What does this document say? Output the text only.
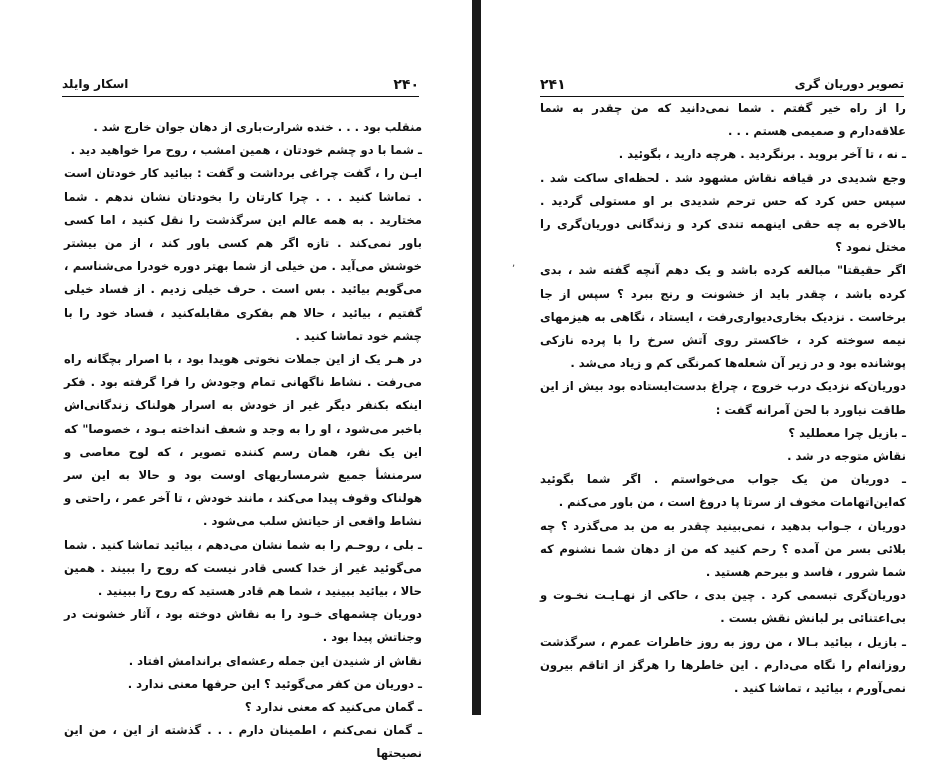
۲۴۰
اسکار وایلد

منقلب بود . . . خنده شرارت‌باری از دهان جوان خارج شد .

ـ شما با دو چشم خودتان ، همین امشب ، روح مرا خواهید دید .

ایـن را ، گفت چراغی برداشت و گفت : بیائید کار خودتان است . تماشا کنید . . . چرا کارتان را بخودتان نشان ندهم . شما مختارید . به همه عالم این سرگذشت را نقل کنید ، اما کسی باور نمی‌کند . تازه اگر هم کسی باور کند ، از من بیشتر خوشش می‌آید . من خیلی از شما بهتر دوره خودرا می‌شناسم ، می‌گویم بیائید . بس است . حرف خیلی زدیم . از فساد خیلی گفتیم ، بیائید ، حالا هم بفکری مقابله‌کنید ، فساد خود را با چشم خود تماشا کنید .

در هـر یک از این جملات نخوتی هویدا بود ، با اصرار بچگانه راه می‌رفت . نشاط ناگهانی تمام وجودش را فرا گرفته بود . فکر اینکه بکنفر دیگر غیر از خودش به اسرار هولناک زندگانی‌اش باخبر می‌شود ، او را به وجد و شعف انداخته بـود ، خصوصا" که این یک نفر، همان رسم کننده تصویر ، که لوح معاصی و سرمنشأ جمیع شرمساریهای اوست بود و حالا به این سر هولناک وقوف پیدا می‌کند ، مانند خودش ، تا آخر عمر ، راحتی و نشاط واقعی از حیاتش سلب می‌شود .

ـ بلی ، روحـم را به شما نشان می‌دهم ، بیائید تماشا کنید . شما می‌گوئید غیر از خدا کسی قادر نیست که روح را ببیند . همین حالا ، بیائید ببینید ، شما هم قادر هستید که روح را ببینید .

دوریان چشمهای خـود را به نقاش دوخته بود ، آثار خشونت در وجناتش پیدا بود .

نقاش از شنیدن این جمله رعشه‌ای براندامش افتاد .

ـ دوریان من کفر می‌گوئید ؟ این حرفها معنی ندارد .

ـ گمان می‌کنید که معنی ندارد ؟

ـ گمان نمی‌کنم ، اطمینان دارم . . . گذشته از این ، من این نصیحتها

۲۴۱	تصویر دوریان گری

را از راه خیر گفتم . شما نمی‌دانید که من چقدر به شما علاقه‌دارم و صمیمی هستم . . .

ـ نه ، تا آخر بروید . برنگردید . هرچه دارید ، بگوئید .

وجع شدیدی در قیافه نقاش مشهود شد . لحظه‌ای ساکت شد . سپس حس کرد که حس ترحم شدیدی بر او مستولی گردید . بالاخره به چه حقی اینهمه تندی کرد و زندگانی دوریان‌گری را مختل نمود ؟

اگر حقیقتا" مبالغه کرده باشد و یک دهم آنچه گفته شد ، بدی کرده باشد ، چقدر باید از خشونت و رنج ببرد ؟ سپس از جا برخاست . نزدیک بخاری‌دیواری‌رفت ، ایستاد ، نگاهی به هیزمهای نیمه سوخته کرد ، خاکستر روی آتش سرخ را با پرده نازکی پوشانده بود و در زیر آن شعله‌ها کمرنگی کم و زیاد می‌شد .

دوریان‌که نزدیک درب خروج ، چراغ بدست‌ایستاده بود بیش از این طاقت نیاورد با لحن آمرانه گفت :

ـ بازیل چرا معطلید ؟

نقاش متوجه در شد .

ـ دوریان من یک جواب می‌خواستم . اگر شما بگوئید که‌این‌اتهامات مخوف از سرتا پا دروغ است ، من باور می‌کنم .

دوریان ، جـواب بدهید ، نمی‌بینید چقدر به من بد می‌گذرد ؟ چه بلائی بسر من آمده ؟ رحم کنید که من از دهان شما نشنوم که شما شرور ، فاسد و بیرحم هستید .

دوریان‌گری تبسمی کرد . چین بدی ، حاکی از نهـایـت نخـوت و بی‌اعتنائی بر لبانش نقش بست .

ـ بازیل ، بیائید بـالا ، من روز به روز خاطرات عمرم ، سرگذشت روزانه‌ام را نگاه می‌دارم . این خاطرها را هرگز از اتاقم بیرون نمی‌آورم ، بیائید ، تماشا کنید .

,
